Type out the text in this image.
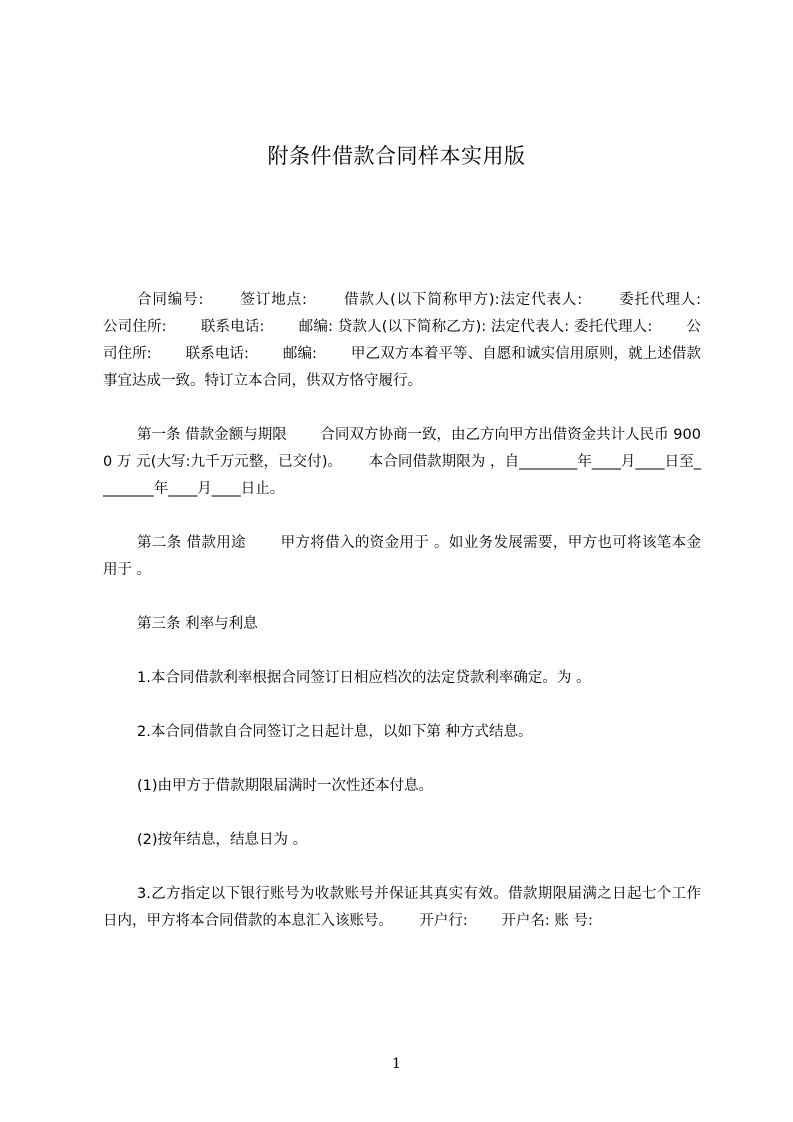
附条件借款合同样本实用版

合同编号:　　 签订地点:　　 借款人(以下简称甲方):法定代表人:　　 委托代理人:　　 公司住所:　　 联系电话:　　 邮编: 贷款人(以下简称乙方): 法定代表人: 委托代理人:　　 公司住所:　　 联系电话:　　 邮编:　　 甲乙双方本着平等、自愿和诚实信用原则，就上述借款事宜达成一致。特订立本合同，供双方恪守履行。

第一条 借款金额与期限　　 合同双方协商一致，由乙方向甲方出借资金共计人民币 9000 万 元(大写:九千万元整，已交付)。　　 本合同借款期限为 ，自________年____月____日至________年____月____日止。

第二条 借款用途　　 甲方将借入的资金用于 。如业务发展需要，甲方也可将该笔本金用于 。

第三条 利率与利息

1.本合同借款利率根据合同签订日相应档次的法定贷款利率确定。为 。

2.本合同借款自合同签订之日起计息，以如下第 种方式结息。

(1)由甲方于借款期限届满时一次性还本付息。

(2)按年结息，结息日为 。

3.乙方指定以下银行账号为收款账号并保证其真实有效。借款期限届满之日起七个工作日内，甲方将本合同借款的本息汇入该账号。　　 开户行:　　 开户名: 账 号:

1
